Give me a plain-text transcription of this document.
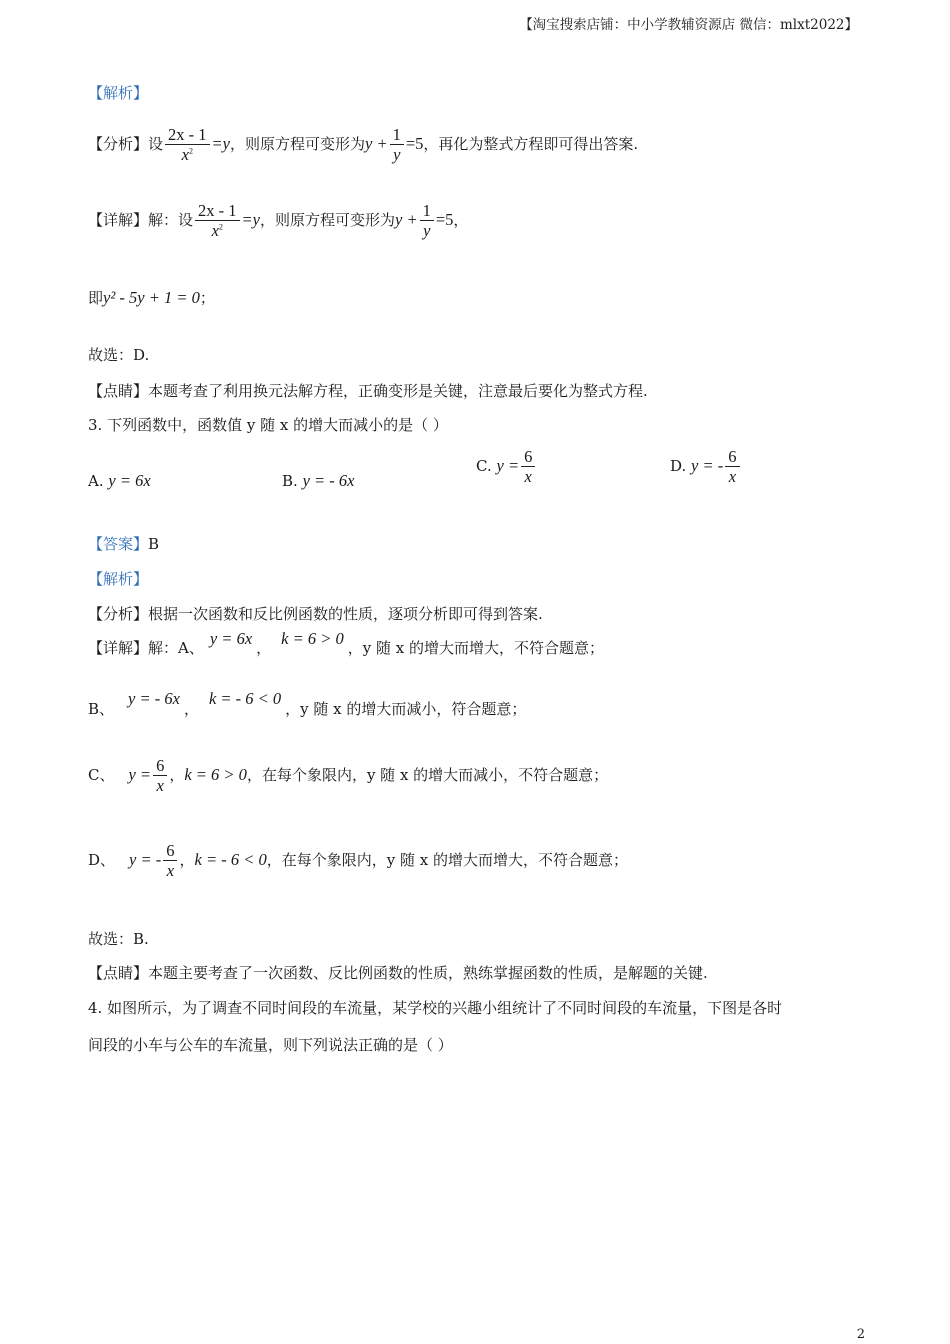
【淘宝搜索店铺：中小学教辅资源店 微信：mlxt2022】
【解析】
【分析】设 $\frac{2x - 1}{x^2} =y$，则原方程可变形为$y + \frac{1}{y} =5$，再化为整式方程即可得出答案.
【详解】解：设 $\frac{2x - 1}{x^2} =y$，则原方程可变形为$y + \frac{1}{y} =5$，
即y² - 5y + 1 = 0；
故选：D.
【点睛】本题考查了利用换元法解方程，正确变形是关键，注意最后要化为整式方程.
3. 下列函数中，函数值 y 随 x 的增大而减小的是（ ）
A. y = 6x	B. y = - 6x
C. $y = \frac{6}{x}$	D. y = - $\frac{6}{x}$
【答案】B
【解析】
【分析】根据一次函数和反比例函数的性质，逐项分析即可得到答案.
【详解】解：A、 y = 6x ， k = 6 > 0 ，y 随 x 的增大而增大，不符合题意；
B、y = - 6x，k = - 6 < 0，y 随 x 的增大而减小，符合题意；
C、 $y = \frac{6}{x}$ ，k = 6 > 0，在每个象限内，y 随 x 的增大而减小，不符合题意；
D、 y = - $\frac{6}{x}$ ，k = - 6 < 0，在每个象限内，y 随 x 的增大而增大，不符合题意；
故选：B.
【点睛】本题主要考查了一次函数、反比例函数的性质，熟练掌握函数的性质，是解题的关键.
4. 如图所示，为了调查不同时间段的车流量，某学校的兴趣小组统计了不同时间段的车流量，下图是各时
间段的小车与公车的车流量，则下列说法正确的是（ ）
2
